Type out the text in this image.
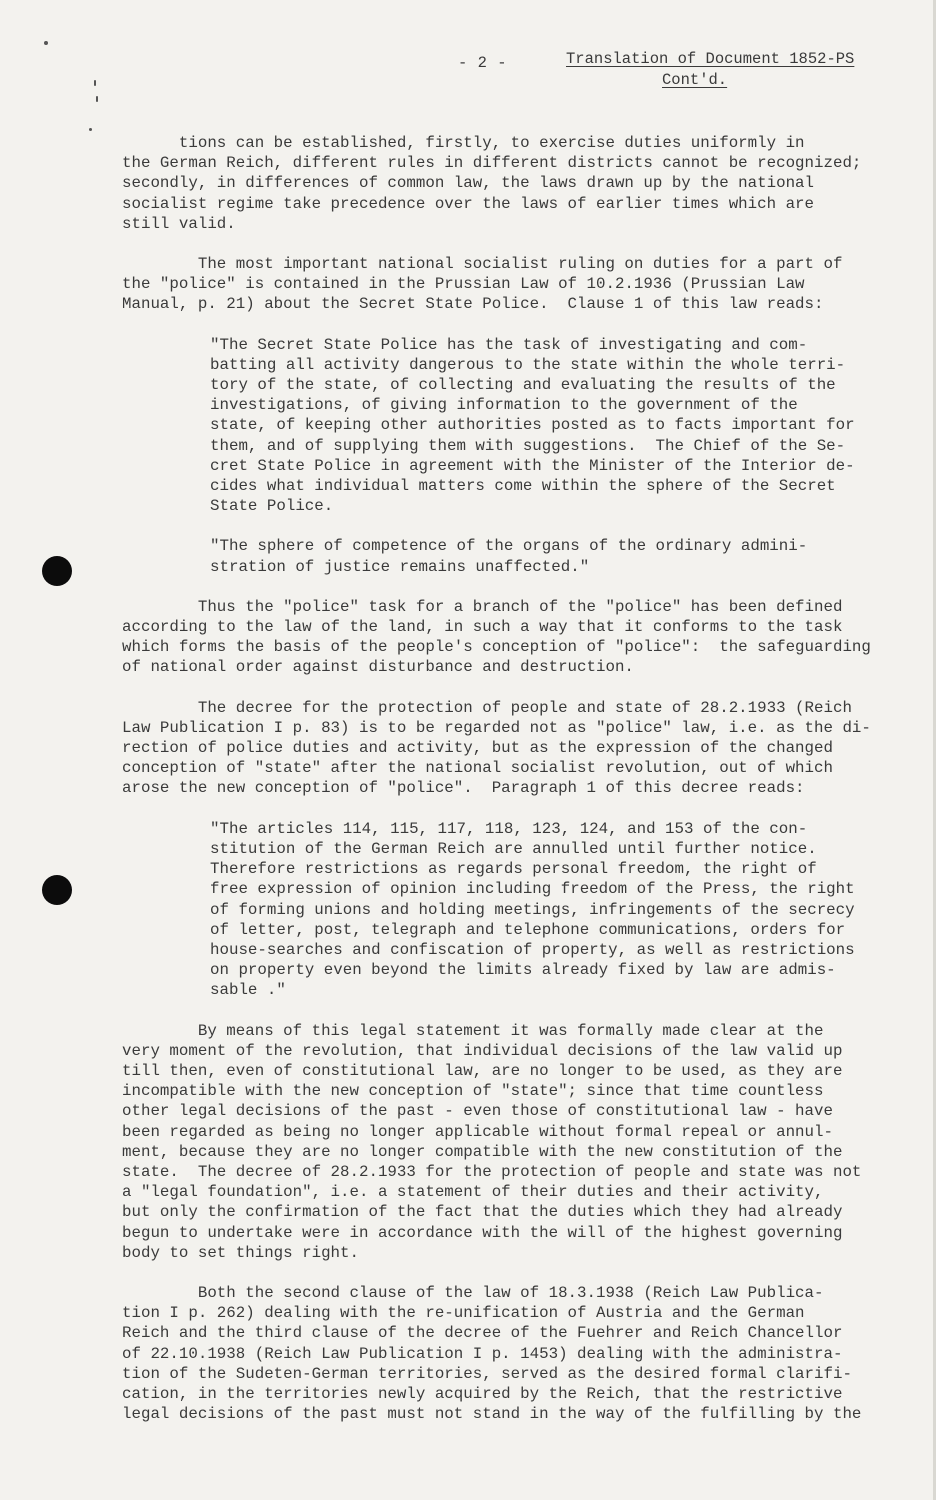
- 2 -	Translation of Document 1852-PS
Cont'd.

tions can be established, firstly, to exercise duties uniformly in
the German Reich, different rules in different districts cannot be recognized;
secondly, in differences of common law, the laws drawn up by the national
socialist regime take precedence over the laws of earlier times which are
still valid.

The most important national socialist ruling on duties for a part of
the "police" is contained in the Prussian Law of 10.2.1936 (Prussian Law
Manual, p. 21) about the Secret State Police.  Clause 1 of this law reads:

"The Secret State Police has the task of investigating and com-
batting all activity dangerous to the state within the whole terri-
tory of the state, of collecting and evaluating the results of the
investigations, of giving information to the government of the
state, of keeping other authorities posted as to facts important for
them, and of supplying them with suggestions.  The Chief of the Se-
cret State Police in agreement with the Minister of the Interior de-
cides what individual matters come within the sphere of the Secret
State Police.

"The sphere of competence of the organs of the ordinary admini-
stration of justice remains unaffected."

Thus the "police" task for a branch of the "police" has been defined
according to the law of the land, in such a way that it conforms to the task
which forms the basis of the people's conception of "police":  the safeguarding
of national order against disturbance and destruction.

The decree for the protection of people and state of 28.2.1933 (Reich
Law Publication I p. 83) is to be regarded not as "police" law, i.e. as the di-
rection of police duties and activity, but as the expression of the changed
conception of "state" after the national socialist revolution, out of which
arose the new conception of "police".  Paragraph 1 of this decree reads:

"The articles 114, 115, 117, 118, 123, 124, and 153 of the con-
stitution of the German Reich are annulled until further notice.
Therefore restrictions as regards personal freedom, the right of
free expression of opinion including freedom of the Press, the right
of forming unions and holding meetings, infringements of the secrecy
of letter, post, telegraph and telephone communications, orders for
house-searches and confiscation of property, as well as restrictions
on property even beyond the limits already fixed by law are admis-
sable ."

By means of this legal statement it was formally made clear at the
very moment of the revolution, that individual decisions of the law valid up
till then, even of constitutional law, are no longer to be used, as they are
incompatible with the new conception of "state"; since that time countless
other legal decisions of the past - even those of constitutional law - have
been regarded as being no longer applicable without formal repeal or annul-
ment, because they are no longer compatible with the new constitution of the
state.  The decree of 28.2.1933 for the protection of people and state was not
a "legal foundation", i.e. a statement of their duties and their activity,
but only the confirmation of the fact that the duties which they had already
begun to undertake were in accordance with the will of the highest governing
body to set things right.

Both the second clause of the law of 18.3.1938 (Reich Law Publica-
tion I p. 262) dealing with the re-unification of Austria and the German
Reich and the third clause of the decree of the Fuehrer and Reich Chancellor
of 22.10.1938 (Reich Law Publication I p. 1453) dealing with the administra-
tion of the Sudeten-German territories, served as the desired formal clarifi-
cation, in the territories newly acquired by the Reich, that the restrictive
legal decisions of the past must not stand in the way of the fulfilling by the
